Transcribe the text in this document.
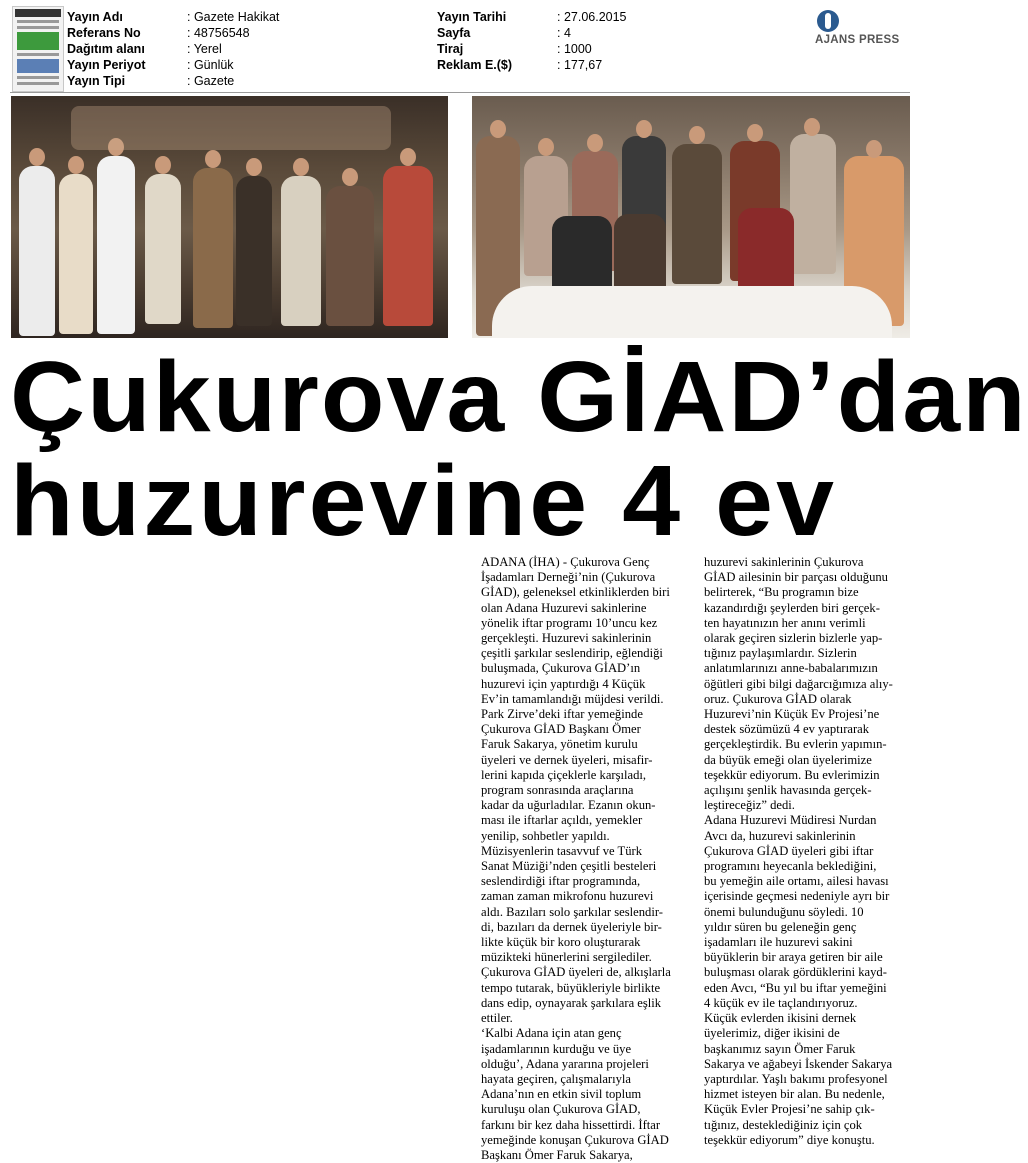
Yayın Adı	: Gazete Hakikat
Referans No	: 48756548
Dağıtım alanı	: Yerel
Yayın Periyot	: Günlük
Yayın Tipi	: Gazete
Yayın Tarihi	: 27.06.2015
Sayfa	: 4
Tiraj	: 1000
Reklam E.($)	: 177,67
AJANS PRESS
Çukurova GİAD’dan
huzurevine 4 ev

ADANA (İHA) - Çukurova Genç
İşadamları Derneği’nin (Çukurova
GİAD), geleneksel etkinliklerden biri
olan Adana Huzurevi sakinlerine
yönelik iftar programı 10’uncu kez
gerçekleşti. Huzurevi sakinlerinin
çeşitli şarkılar seslendirip, eğlendiği
buluşmada, Çukurova GİAD’ın
huzurevi için yaptırdığı 4 Küçük
Ev’in tamamlandığı müjdesi verildi.

Park Zirve’deki iftar yemeğinde
Çukurova GİAD Başkanı Ömer
Faruk Sakarya, yönetim kurulu
üyeleri ve dernek üyeleri, misafir-
lerini kapıda çiçeklerle karşıladı,
program sonrasında araçlarına
kadar da uğurladılar. Ezanın okun-
ması ile iftarlar açıldı, yemekler
yenilip, sohbetler yapıldı.
Müzisyenlerin tasavvuf ve Türk
Sanat Müziği’nden çeşitli besteleri
seslendirdiği iftar programında,
zaman zaman mikrofonu huzurevi
aldı. Bazıları solo şarkılar seslendir-
di, bazıları da dernek üyeleriyle bir-
likte küçük bir koro oluşturarak
müzikteki hünerlerini sergilediler.
Çukurova GİAD üyeleri de, alkışlarla
tempo tutarak, büyükleriyle birlikte
dans edip, oynayarak şarkılara eşlik
ettiler.

‘Kalbi Adana için atan genç
işadamlarının kurduğu ve üye
olduğu’, Adana yararına projeleri
hayata geçiren, çalışmalarıyla
Adana’nın en etkin sivil toplum
kuruluşu olan Çukurova GİAD,
farkını bir kez daha hissettirdi. İftar
yemeğinde konuşan Çukurova GİAD
Başkanı Ömer Faruk Sakarya,

huzurevi sakinlerinin Çukurova
GİAD ailesinin bir parçası olduğunu
belirterek, “Bu programın bize
kazandırdığı şeylerden biri gerçek-
ten hayatınızın her anını verimli
olarak geçiren sizlerin bizlerle yap-
tığınız paylaşımlardır. Sizlerin
anlatımlarınızı anne-babalarımızın
öğütleri gibi bilgi dağarcığımıza alıy-
oruz. Çukurova GİAD olarak
Huzurevi’nin Küçük Ev Projesi’ne
destek sözümüzü 4 ev yaptırarak
gerçekleştirdik. Bu evlerin yapımın-
da büyük emeği olan üyelerimize
teşekkür ediyorum. Bu evlerimizin
açılışını şenlik havasında gerçek-
leştireceğiz” dedi.

Adana Huzurevi Müdiresi Nurdan
Avcı da, huzurevi sakinlerinin
Çukurova GİAD üyeleri gibi iftar
programını heyecanla beklediğini,
bu yemeğin aile ortamı, ailesi havası
içerisinde geçmesi nedeniyle ayrı bir
önemi bulunduğunu söyledi. 10
yıldır süren bu geleneğin genç
işadamları ile huzurevi sakini
büyüklerin bir araya getiren bir aile
buluşması olarak gördüklerini kayd-
eden Avcı, “Bu yıl bu iftar yemeğini
4 küçük ev ile taçlandırıyoruz.
Küçük evlerden ikisini dernek
üyelerimiz, diğer ikisini de
başkanımız sayın Ömer Faruk
Sakarya ve ağabeyi İskender Sakarya
yaptırdılar. Yaşlı bakımı profesyonel
hizmet isteyen bir alan. Bu nedenle,
Küçük Evler Projesi’ne sahip çık-
tığınız, desteklediğiniz için çok
teşekkür ediyorum” diye konuştu.
